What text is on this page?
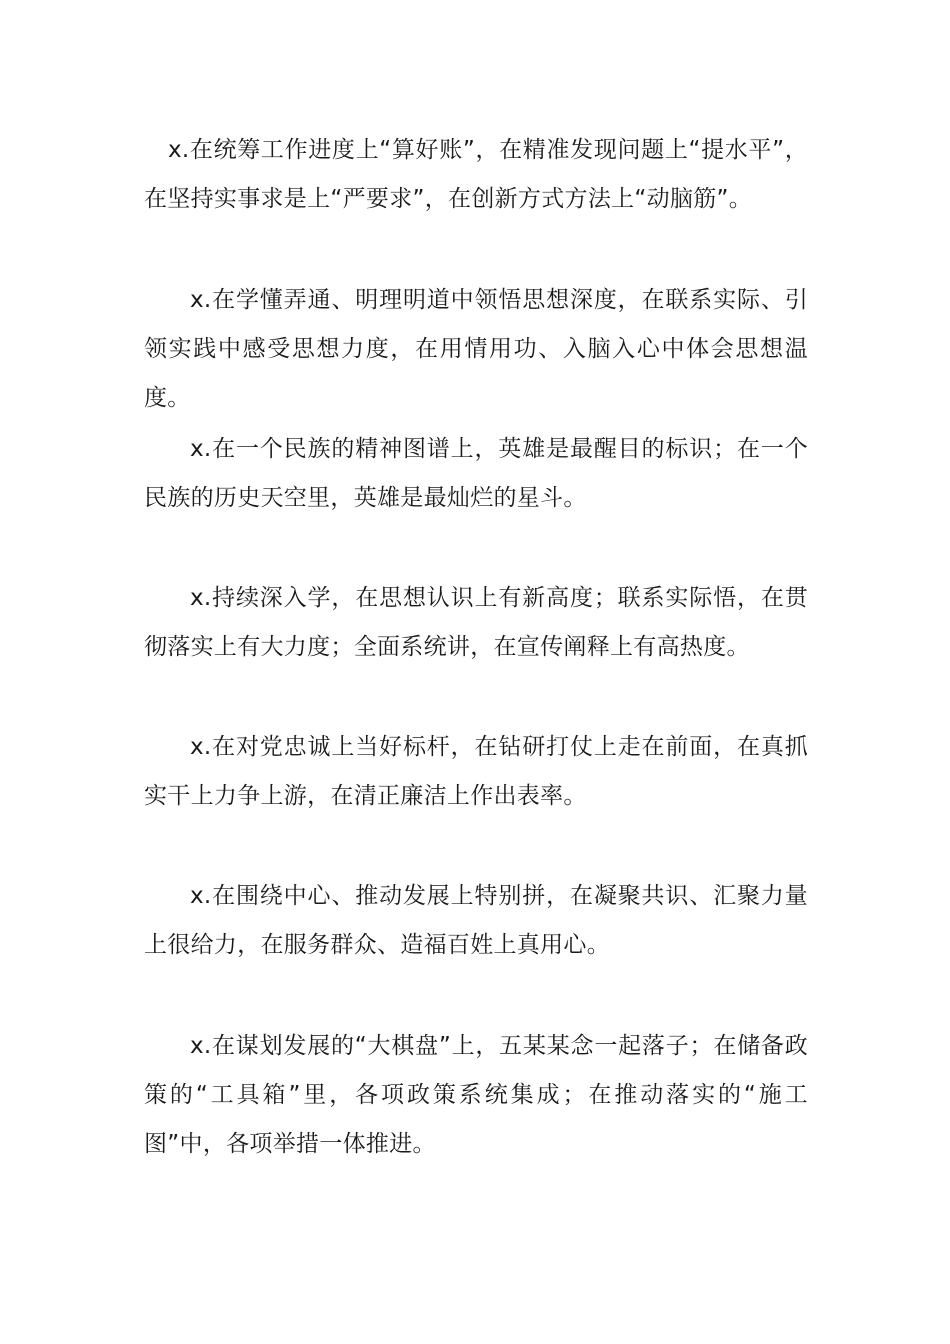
x.在统筹工作进度上“算好账”，在精准发现问题上“提水平”，在坚持实事求是上“严要求”，在创新方式方法上“动脑筋”。

x.在学懂弄通、明理明道中领悟思想深度，在联系实际、引领实践中感受思想力度，在用情用功、入脑入心中体会思想温度。

x.在一个民族的精神图谱上，英雄是最醒目的标识；在一个民族的历史天空里，英雄是最灿烂的星斗。

x.持续深入学，在思想认识上有新高度；联系实际悟，在贯彻落实上有大力度；全面系统讲，在宣传阐释上有高热度。

x.在对党忠诚上当好标杆，在钻研打仗上走在前面，在真抓实干上力争上游，在清正廉洁上作出表率。

x.在围绕中心、推动发展上特别拼，在凝聚共识、汇聚力量上很给力，在服务群众、造福百姓上真用心。

x.在谋划发展的“大棋盘”上，五某某念一起落子；在储备政策的“工具箱”里，各项政策系统集成；在推动落实的“施工图”中，各项举措一体推进。
